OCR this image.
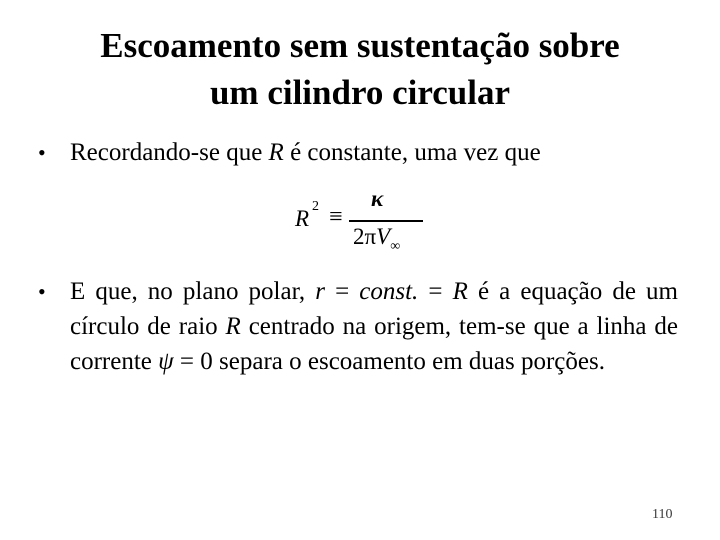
Escoamento sem sustentação sobre
um cilindro circular
• Recordando-se que R é constante, uma vez que
R 2 ≡
κ
$2\pi V_\infty$
• E que, no plano polar, r = const. = R é a equação de um círculo de raio R centrado na origem, tem-se que a linha de corrente ψ = 0 separa o escoamento em duas porções.
110
